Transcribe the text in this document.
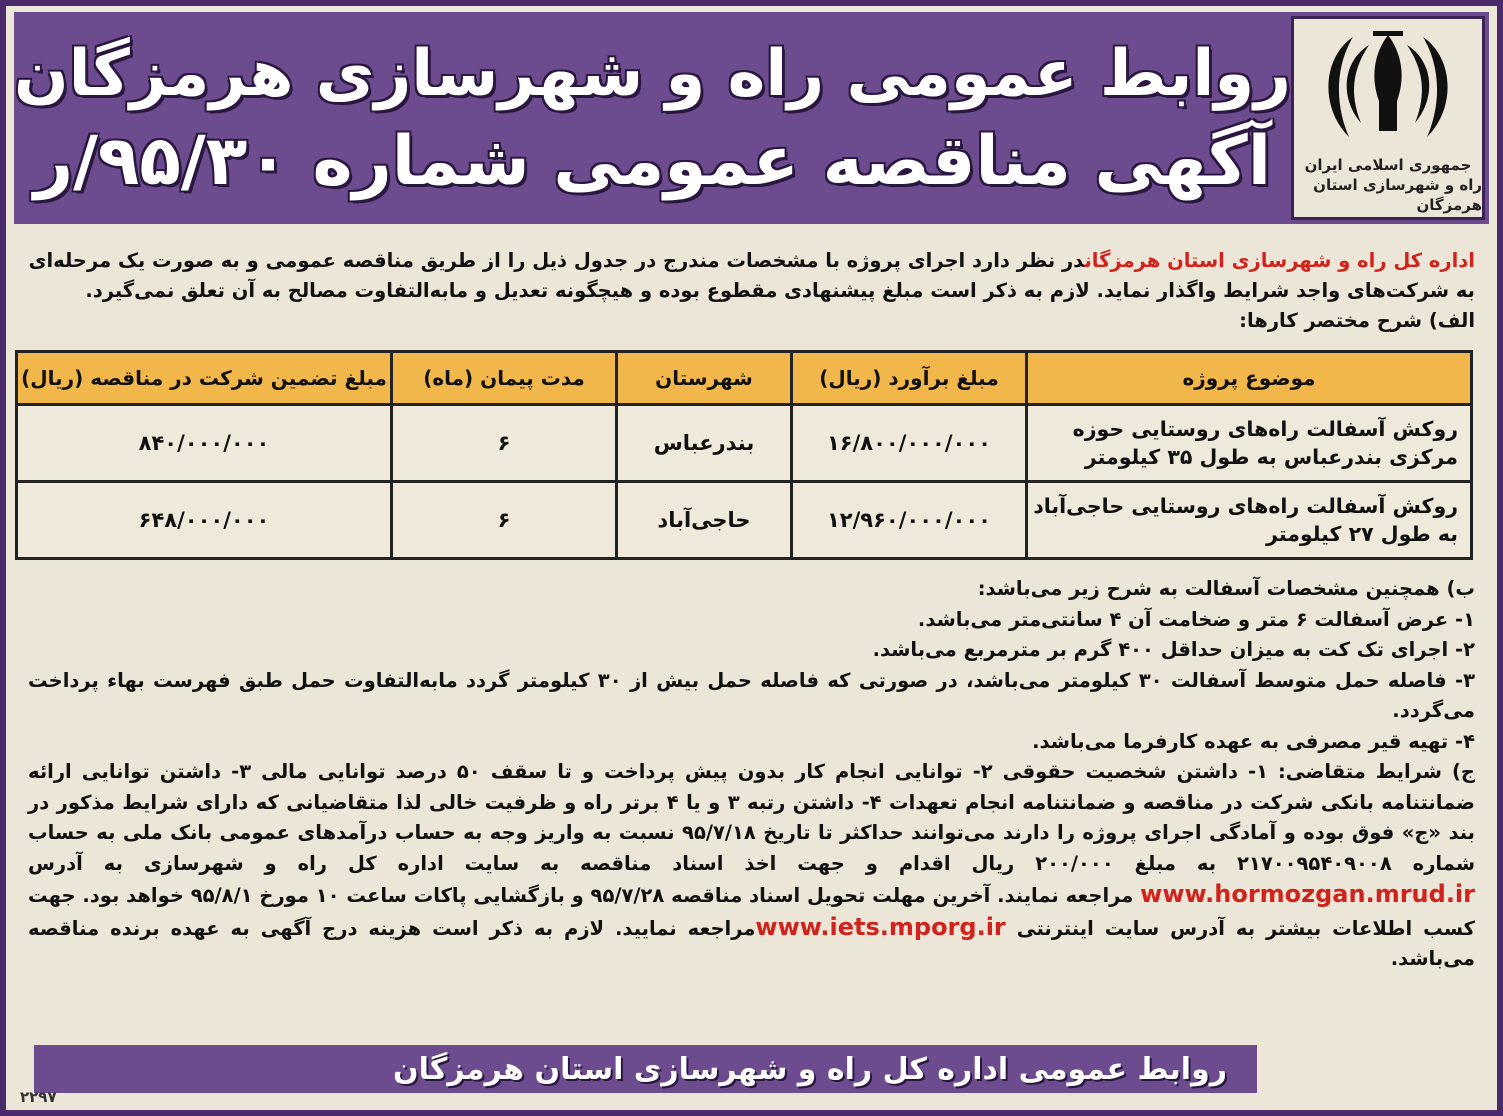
جمهوری اسلامی ایران
راه و شهرسازی استان هرمزگان
روابط عمومی راه و شهرسازی هرمزگان
آگهی مناقصه عمومی شماره ۹۵/۳۰/ر

اداره کل راه و شهرسازی استان هرمزگاندر نظر دارد اجرای پروژه با مشخصات مندرج در جدول ذیل را از طریق مناقصه عمومی و به صورت یک مرحله‌ای

به شرکت‌های واجد شرایط واگذار نماید. لازم به ذکر است مبلغ پیشنهادی مقطوع بوده و هیچگونه تعدیل و مابه‌التفاوت مصالح به آن تعلق نمی‌گیرد.

الف) شرح مختصر کارها:

موضوع پروژه	مبلغ برآورد (ریال)	شهرستان	مدت پیمان (ماه)	مبلغ تضمین شرکت در مناقصه (ریال)
روکش آسفالت راه‌های روستایی حوزه مرکزی بندرعباس به طول ۳۵ کیلومتر	۱۶/۸۰۰/۰۰۰/۰۰۰	بندرعباس	۶	۸۴۰/۰۰۰/۰۰۰
روکش آسفالت راه‌های روستایی حاجی‌آباد به طول ۲۷ کیلومتر	۱۲/۹۶۰/۰۰۰/۰۰۰	حاجی‌آباد	۶	۶۴۸/۰۰۰/۰۰۰

ب) همچنین مشخصات آسفالت به شرح زیر می‌باشد:

۱- عرض آسفالت ۶ متر و ضخامت آن ۴ سانتی‌متر می‌باشد.

۲- اجرای تک کت به میزان حداقل ۴۰۰ گرم بر مترمربع می‌باشد.

۳- فاصله حمل متوسط آسفالت ۳۰ کیلومتر می‌باشد، در صورتی که فاصله حمل بیش از ۳۰ کیلومتر گردد مابه‌التفاوت حمل طبق فهرست بهاء پرداخت می‌گردد.

۴- تهیه قیر مصرفی به عهده کارفرما می‌باشد.

ج) شرایط متقاضی: ۱- داشتن شخصیت حقوقی ۲- توانایی انجام کار بدون پیش پرداخت و تا سقف ۵۰ درصد توانایی مالی ۳- داشتن توانایی ارائه ضمانتنامه بانکی شرکت در مناقصه و ضمانتنامه انجام تعهدات ۴- داشتن رتبه ۳ و یا ۴ برتر راه و ظرفیت خالی لذا متقاضیانی که دارای شرایط مذکور در بند «ج» فوق بوده و آمادگی اجرای پروژه را دارند می‌توانند حداکثر تا تاریخ ۹۵/۷/۱۸ نسبت به واریز وجه به حساب درآمدهای عمومی بانک ملی به حساب شماره ۲۱۷۰۰۹۵۴۰۹۰۰۸ به مبلغ ۲۰۰/۰۰۰ ریال اقدام و جهت اخذ اسناد مناقصه به سایت اداره کل راه و شهرسازی به آدرس www.hormozgan.mrud.ir مراجعه نمایند. آخرین مهلت تحویل اسناد مناقصه ۹۵/۷/۲۸ و بازگشایی پاکات ساعت ۱۰ مورخ ۹۵/۸/۱ خواهد بود. جهت کسب اطلاعات بیشتر به آدرس سایت اینترنتی www.iets.mporg.irمراجعه نمایید. لازم به ذکر است هزینه درج آگهی به عهده برنده مناقصه می‌باشد.

روابط عمومی اداره کل راه و شهرسازی استان هرمزگان
۲۲۹۷
